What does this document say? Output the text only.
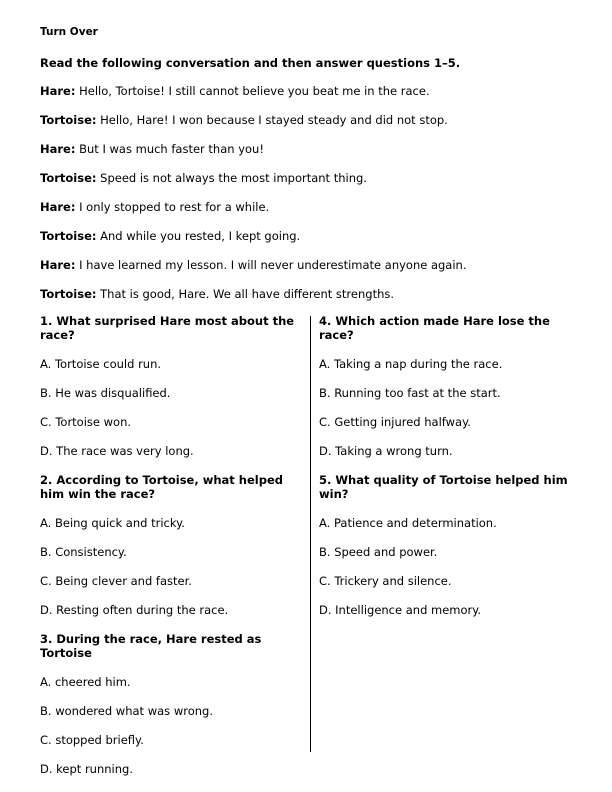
Turn Over
Read the following conversation and then answer questions 1–5.
Hare: Hello, Tortoise! I still cannot believe you beat me in the race.
Tortoise: Hello, Hare! I won because I stayed steady and did not stop.
Hare: But I was much faster than you!
Tortoise: Speed is not always the most important thing.
Hare: I only stopped to rest for a while.
Tortoise: And while you rested, I kept going.
Hare: I have learned my lesson. I will never underestimate anyone again.
Tortoise: That is good, Hare. We all have different strengths.
1. What surprised Hare most about the race?
A. Tortoise could run.
B. He was disqualified.
C. Tortoise won.
D. The race was very long.
2. According to Tortoise, what helped him win the race?
A. Being quick and tricky.
B. Consistency.
C. Being clever and faster.
D. Resting often during the race.
3. During the race, Hare rested as Tortoise
A. cheered him.
B. wondered what was wrong.
C. stopped briefly.
D. kept running.
4. Which action made Hare lose the race?
A. Taking a nap during the race.
B. Running too fast at the start.
C. Getting injured halfway.
D. Taking a wrong turn.
5. What quality of Tortoise helped him win?
A. Patience and determination.
B. Speed and power.
C. Trickery and silence.
D. Intelligence and memory.
